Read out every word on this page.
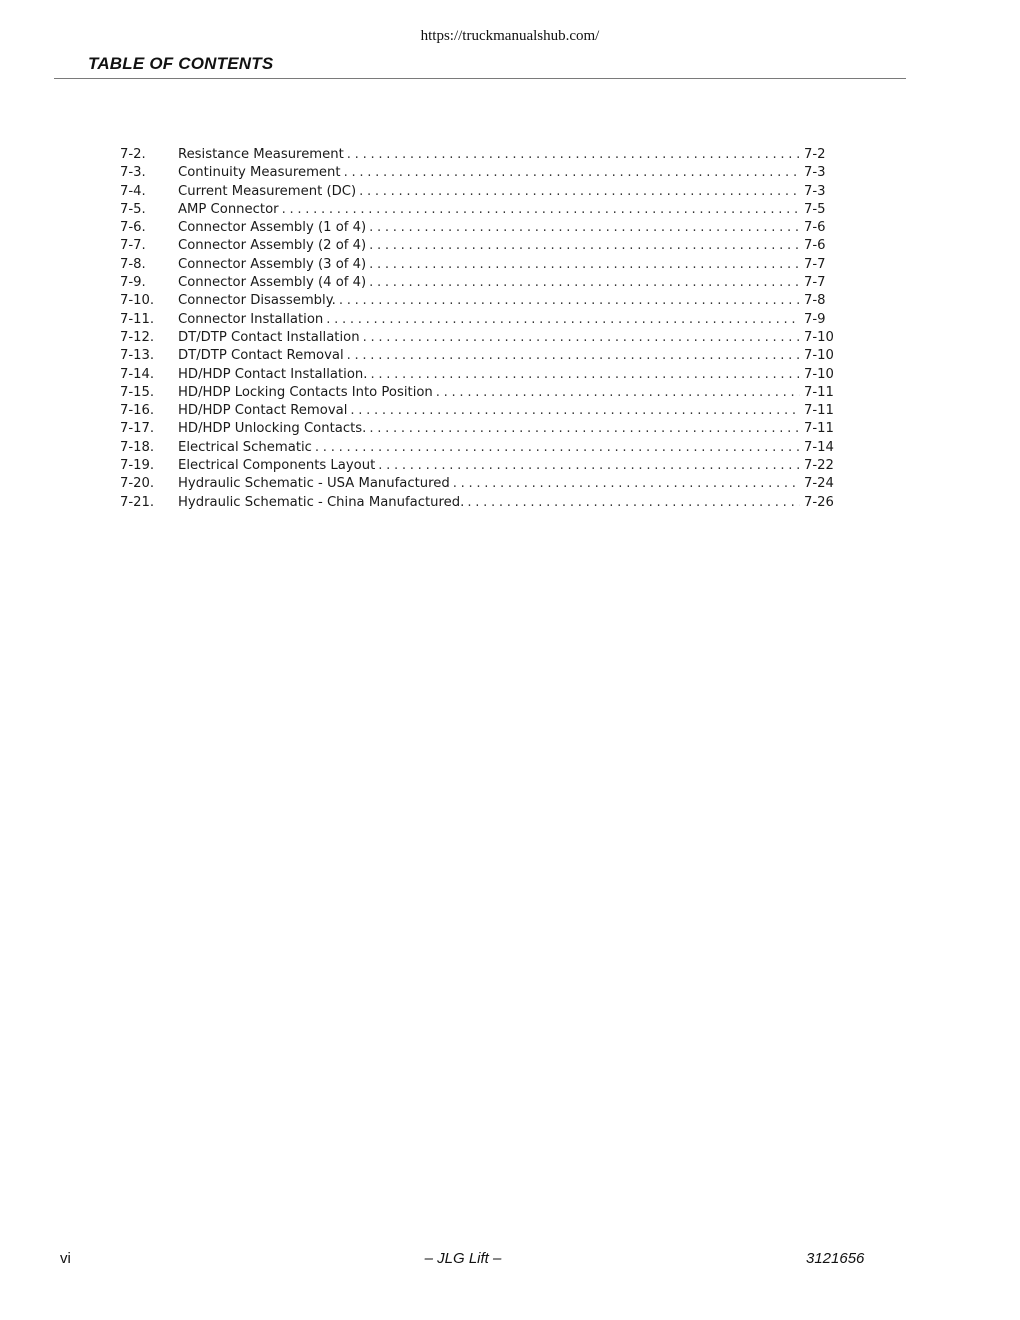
https://truckmanualshub.com/
TABLE OF CONTENTS
7-2.	Resistance Measurement . . .	7-2
7-3.	Continuity Measurement . . .	7-3
7-4.	Current Measurement (DC) . . .	7-3
7-5.	AMP Connector . . .	7-5
7-6.	Connector Assembly (1 of 4) . . .	7-6
7-7.	Connector Assembly (2 of 4) . . .	7-6
7-8.	Connector Assembly (3 of 4) . . .	7-7
7-9.	Connector Assembly (4 of 4) . . .	7-7
7-10.	Connector Disassembly. . . .	7-8
7-11.	Connector Installation . . .	7-9
7-12.	DT/DTP Contact Installation . . .	7-10
7-13.	DT/DTP Contact Removal . . .	7-10
7-14.	HD/HDP Contact Installation. . . .	7-10
7-15.	HD/HDP Locking Contacts Into Position . . .	7-11
7-16.	HD/HDP Contact Removal . . .	7-11
7-17.	HD/HDP Unlocking Contacts. . . .	7-11
7-18.	Electrical Schematic . . .	7-14
7-19.	Electrical Components Layout . . .	7-22
7-20.	Hydraulic Schematic - USA Manufactured . . .	7-24
7-21.	Hydraulic Schematic - China Manufactured. . . .	7-26
vi	– JLG Lift –	3121656
